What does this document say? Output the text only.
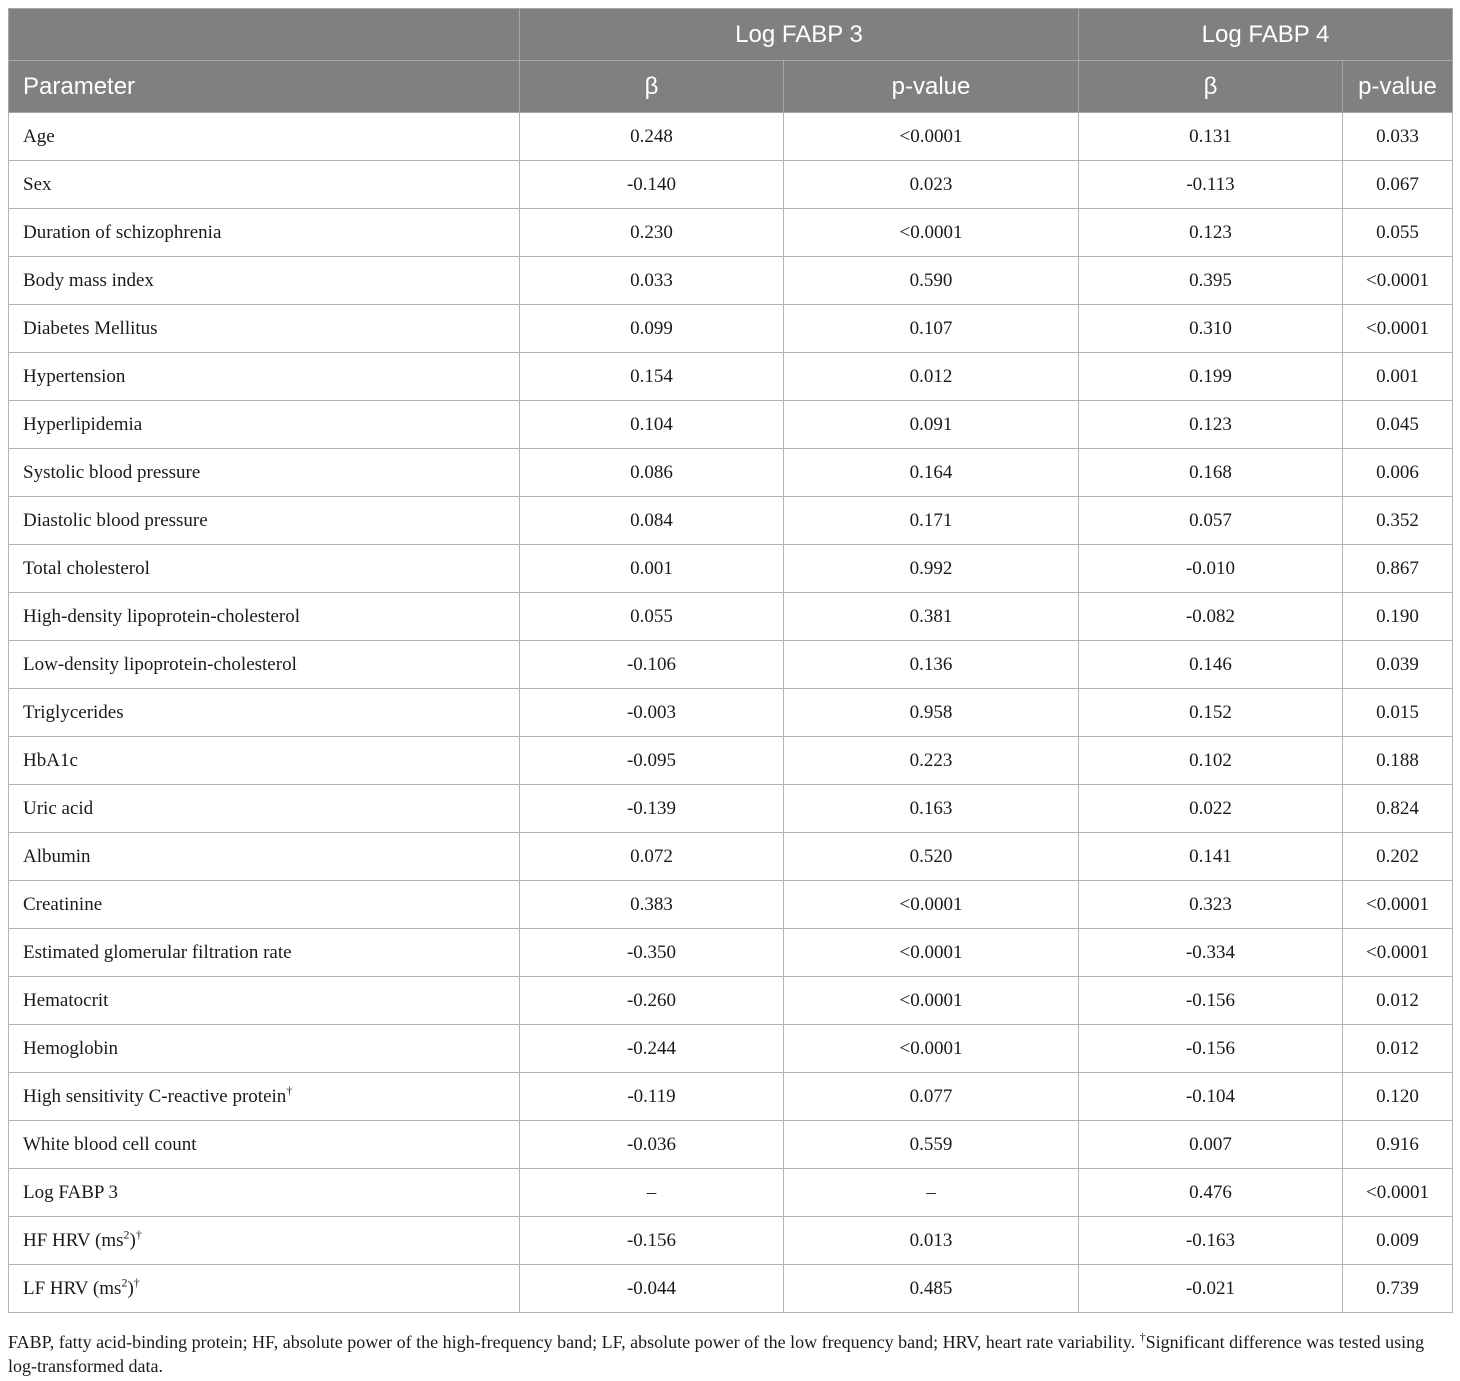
	Log FABP 3		Log FABP 4	
Parameter	β	p-value	β	p-value
Age	0.248	<0.0001	0.131	0.033
Sex	-0.140	0.023	-0.113	0.067
Duration of schizophrenia	0.230	<0.0001	0.123	0.055
Body mass index	0.033	0.590	0.395	<0.0001
Diabetes Mellitus	0.099	0.107	0.310	<0.0001
Hypertension	0.154	0.012	0.199	0.001
Hyperlipidemia	0.104	0.091	0.123	0.045
Systolic blood pressure	0.086	0.164	0.168	0.006
Diastolic blood pressure	0.084	0.171	0.057	0.352
Total cholesterol	0.001	0.992	-0.010	0.867
High-density lipoprotein-cholesterol	0.055	0.381	-0.082	0.190
Low-density lipoprotein-cholesterol	-0.106	0.136	0.146	0.039
Triglycerides	-0.003	0.958	0.152	0.015
HbA1c	-0.095	0.223	0.102	0.188
Uric acid	-0.139	0.163	0.022	0.824
Albumin	0.072	0.520	0.141	0.202
Creatinine	0.383	<0.0001	0.323	<0.0001
Estimated glomerular filtration rate	-0.350	<0.0001	-0.334	<0.0001
Hematocrit	-0.260	<0.0001	-0.156	0.012
Hemoglobin	-0.244	<0.0001	-0.156	0.012
High sensitivity C-reactive protein†	-0.119	0.077	-0.104	0.120
White blood cell count	-0.036	0.559	0.007	0.916
Log FABP 3	–	–	0.476	<0.0001
HF HRV $(ms^2)^\dagger$	-0.156	0.013	-0.163	0.009
LF HRV $(ms^2)^\dagger$	-0.044	0.485	-0.021	0.739
FABP, fatty acid-binding protein; HF, absolute power of the high-frequency band; LF, absolute power of the low frequency band; HRV, heart rate variability. †Significant difference was tested using log-transformed data.
